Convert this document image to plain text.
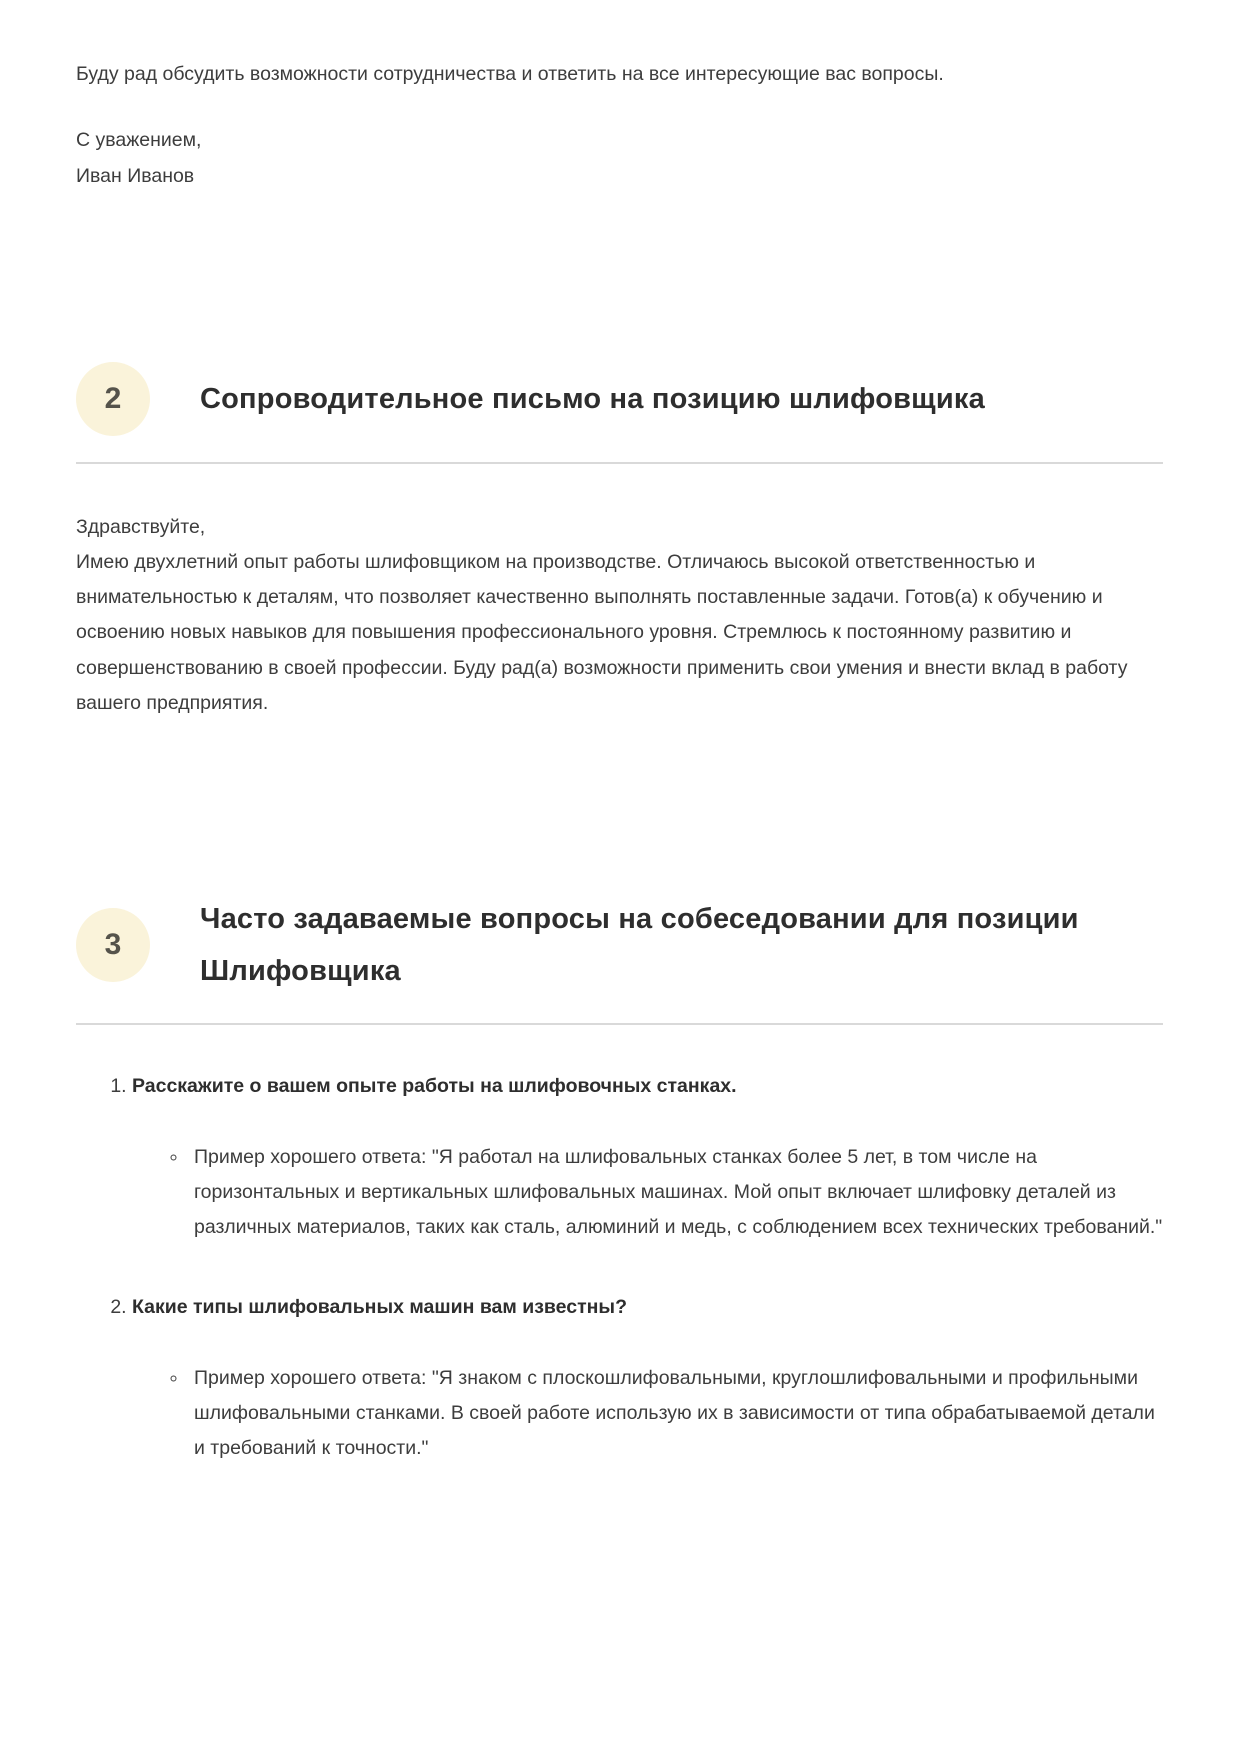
Буду рад обсудить возможности сотрудничества и ответить на все интересующие вас вопросы.

С уважением,
Иван Иванов
2	Сопроводительное письмо на позицию шлифовщика

Здравствуйте,

Имею двухлетний опыт работы шлифовщиком на производстве. Отличаюсь высокой ответственностью и внимательностью к деталям, что позволяет качественно выполнять поставленные задачи. Готов(а) к обучению и освоению новых навыков для повышения профессионального уровня. Стремлюсь к постоянному развитию и совершенствованию в своей профессии. Буду рад(а) возможности применить свои умения и внести вклад в работу вашего предприятия.

3
Часто задаваемые вопросы на собеседовании для позиции Шлифовщика
1. Расскажите о вашем опыте работы на шлифовочных станках.
◦ Пример хорошего ответа: "Я работал на шлифовальных станках более 5 лет, в том числе на горизонтальных и вертикальных шлифовальных машинах. Мой опыт включает шлифовку деталей из различных материалов, таких как сталь, алюминий и медь, с соблюдением всех технических требований."
2. Какие типы шлифовальных машин вам известны?
◦ Пример хорошего ответа: "Я знаком с плоскошлифовальными, круглошлифовальными и профильными шлифовальными станками. В своей работе использую их в зависимости от типа обрабатываемой детали и требований к точности."
